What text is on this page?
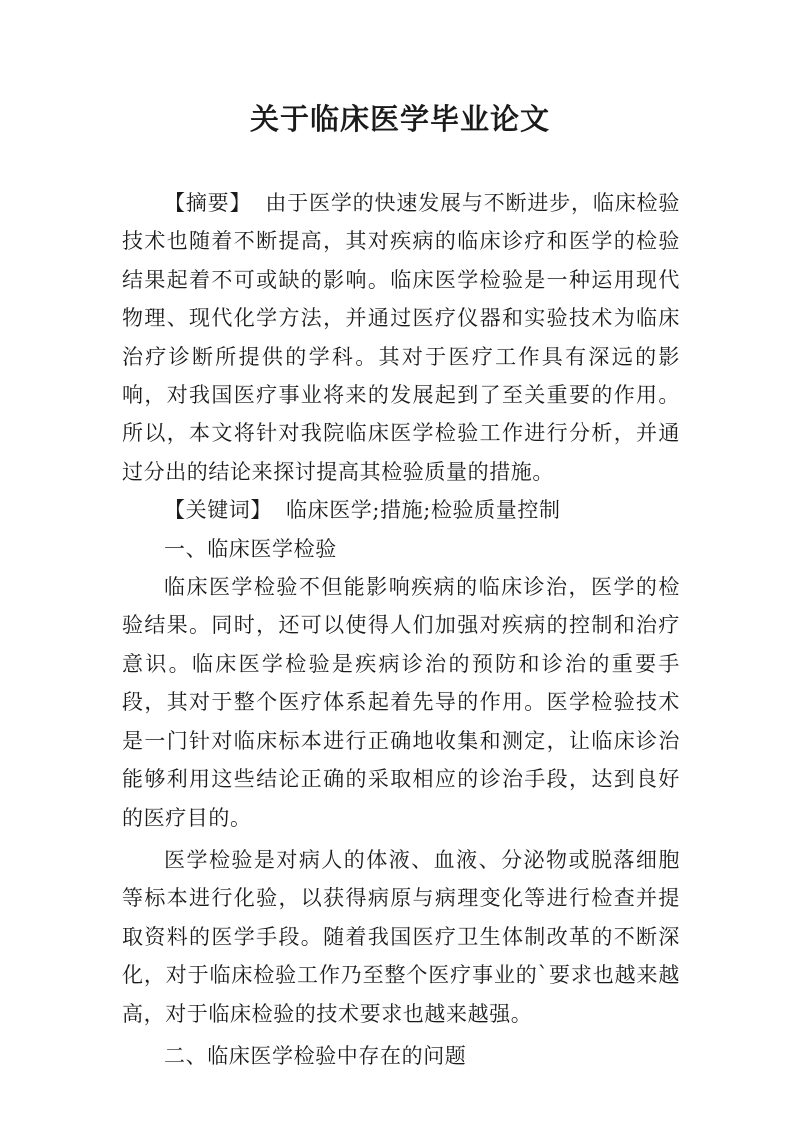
关于临床医学毕业论文

【摘要】 由于医学的快速发展与不断进步，临床检验技术也随着不断提高，其对疾病的临床诊疗和医学的检验结果起着不可或缺的影响。临床医学检验是一种运用现代物理、现代化学方法，并通过医疗仪器和实验技术为临床治疗诊断所提供的学科。其对于医疗工作具有深远的影响，对我国医疗事业将来的发展起到了至关重要的作用。所以，本文将针对我院临床医学检验工作进行分析，并通过分出的结论来探讨提高其检验质量的措施。

【关键词】 临床医学;措施;检验质量控制

一、临床医学检验

临床医学检验不但能影响疾病的临床诊治，医学的检验结果。同时，还可以使得人们加强对疾病的控制和治疗意识。临床医学检验是疾病诊治的预防和诊治的重要手段，其对于整个医疗体系起着先导的作用。医学检验技术是一门针对临床标本进行正确地收集和测定，让临床诊治能够利用这些结论正确的采取相应的诊治手段，达到良好的医疗目的。

医学检验是对病人的体液、血液、分泌物或脱落细胞等标本进行化验，以获得病原与病理变化等进行检查并提取资料的医学手段。随着我国医疗卫生体制改革的不断深化，对于临床检验工作乃至整个医疗事业的`要求也越来越高，对于临床检验的技术要求也越来越强。

二、临床医学检验中存在的问题
